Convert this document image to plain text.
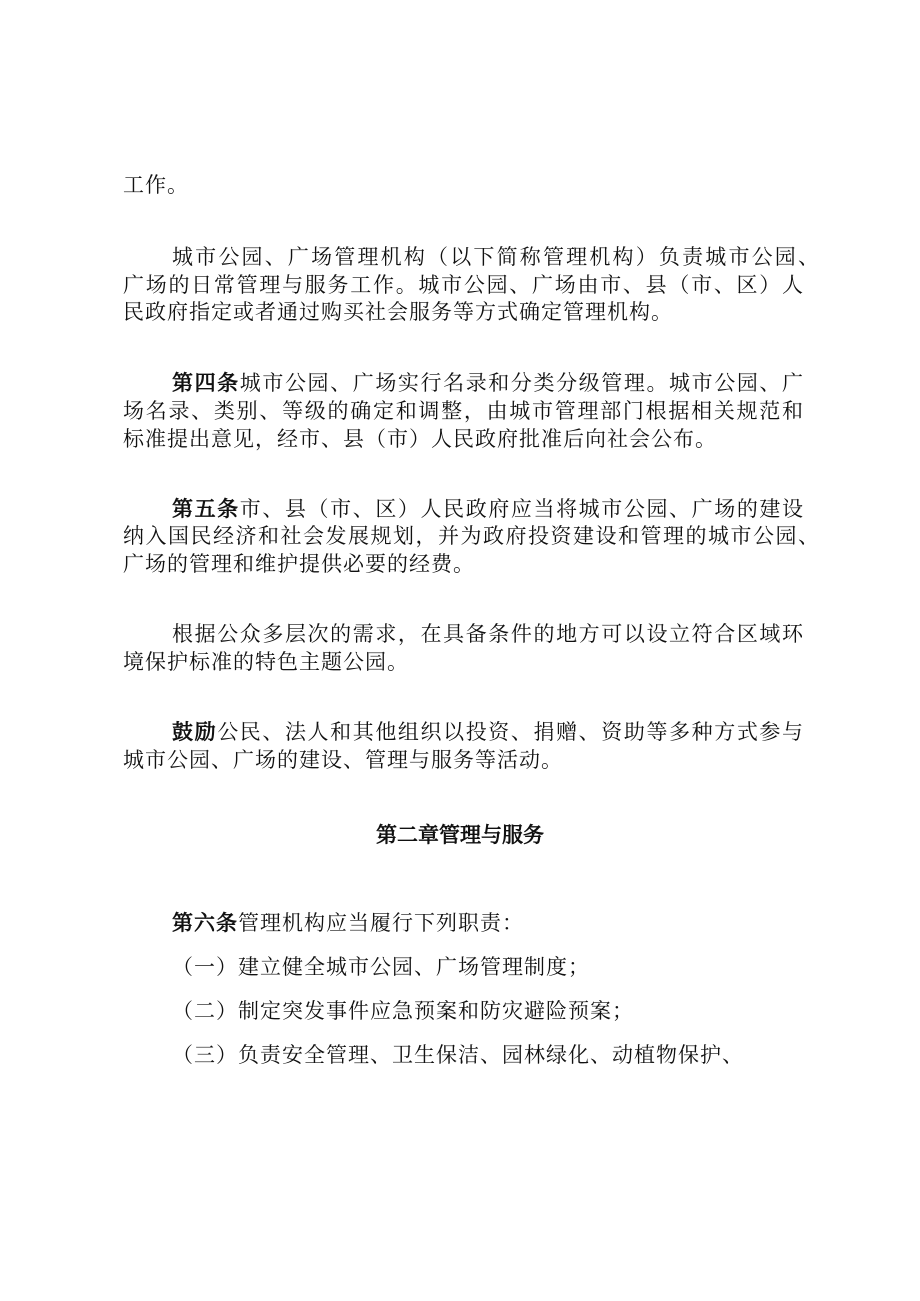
工作。
城市公园、广场管理机构（以下简称管理机构）负责城市公园、
广场的日常管理与服务工作。城市公园、广场由市、县（市、区）人
民政府指定或者通过购买社会服务等方式确定管理机构。
第四条城市公园、广场实行名录和分类分级管理。城市公园、广
场名录、类别、等级的确定和调整，由城市管理部门根据相关规范和
标准提出意见，经市、县（市）人民政府批准后向社会公布。
第五条市、县（市、区）人民政府应当将城市公园、广场的建设
纳入国民经济和社会发展规划，并为政府投资建设和管理的城市公园、
广场的管理和维护提供必要的经费。
根据公众多层次的需求，在具备条件的地方可以设立符合区域环
境保护标准的特色主题公园。
鼓励公民、法人和其他组织以投资、捐赠、资助等多种方式参与
城市公园、广场的建设、管理与服务等活动。
第二章管理与服务
第六条管理机构应当履行下列职责：
（一）建立健全城市公园、广场管理制度；
（二）制定突发事件应急预案和防灾避险预案；
（三）负责安全管理、卫生保洁、园林绿化、动植物保护、
